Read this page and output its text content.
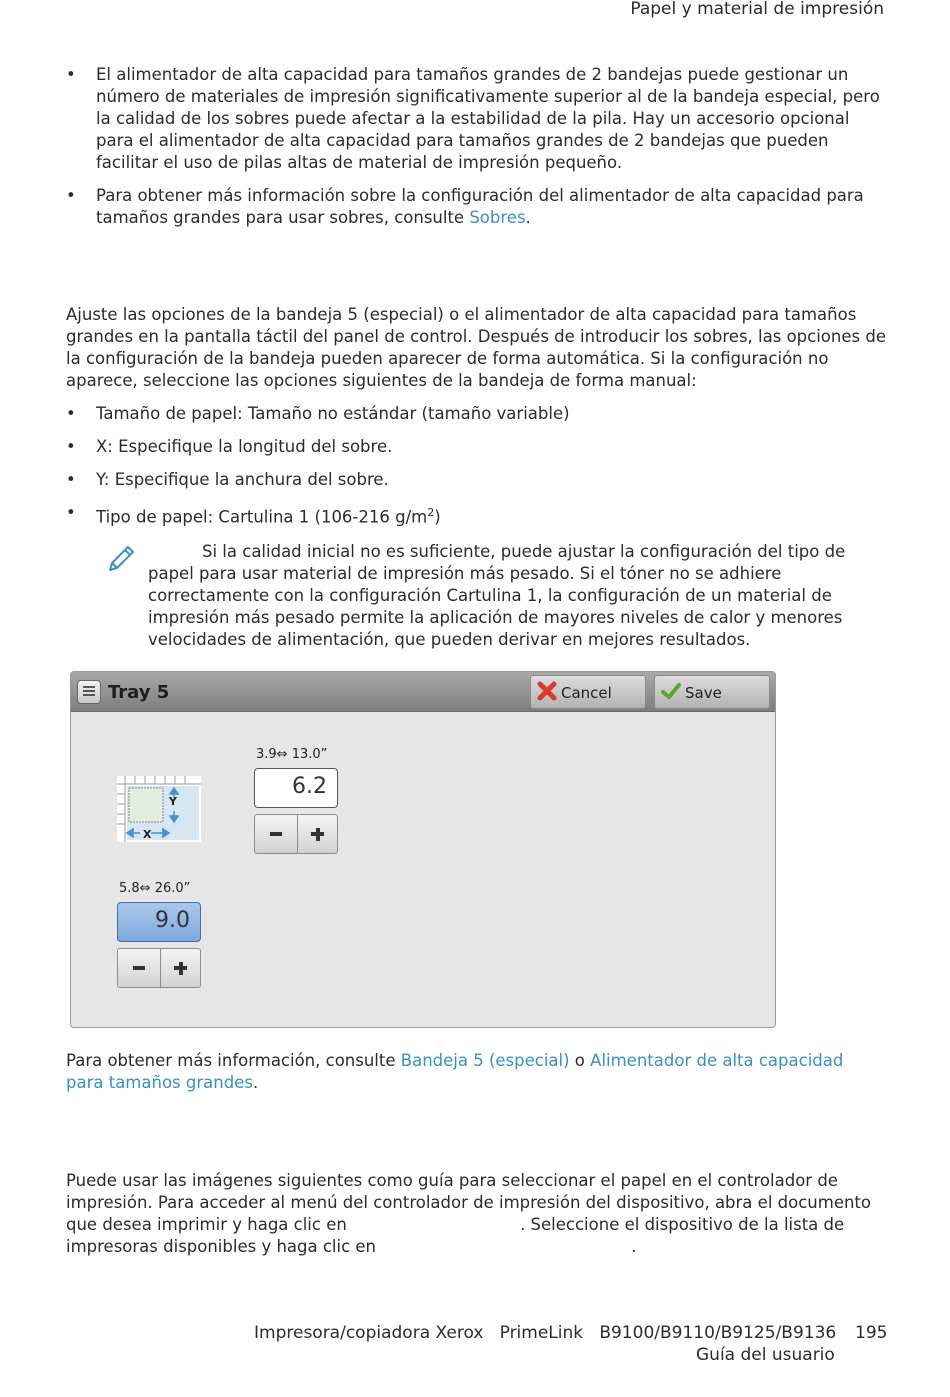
Papel y material de impresión
• El alimentador de alta capacidad para tamaños grandes de 2 bandejas puede gestionar un número de materiales de impresión significativamente superior al de la bandeja especial, pero la calidad de los sobres puede afectar a la estabilidad de la pila. Hay un accesorio opcional para el alimentador de alta capacidad para tamaños grandes de 2 bandejas que pueden facilitar el uso de pilas altas de material de impresión pequeño.
• Para obtener más información sobre la configuración del alimentador de alta capacidad para tamaños grandes para usar sobres, consulte Sobres.

Ajuste las opciones de la bandeja 5 (especial) o el alimentador de alta capacidad para tamaños grandes en la pantalla táctil del panel de control. Después de introducir los sobres, las opciones de la configuración de la bandeja pueden aparecer de forma automática. Si la configuración no aparece, seleccione las opciones siguientes de la bandeja de forma manual:

• Tamaño de papel: Tamaño no estándar (tamaño variable)
• X: Especifique la longitud del sobre.
• Y: Especifique la anchura del sobre.
• Tipo de papel: Cartulina 1 (106-216 $g/m^2$)

Si la calidad inicial no es suficiente, puede ajustar la configuración del tipo de papel para usar material de impresión más pesado. Si el tóner no se adhiere correctamente con la configuración Cartulina 1, la configuración de un material de impresión más pesado permite la aplicación de mayores niveles de calor y menores velocidades de alimentación, que pueden derivar en mejores resultados.

Tray 5	Cancel	Save
Y
X
3.9⇔ 13.0”
6.2
5.8⇔ 26.0”
9.0

Para obtener más información, consulte Bandeja 5 (especial) o Alimentador de alta capacidad para tamaños grandes.

Puede usar las imágenes siguientes como guía para seleccionar el papel en el controlador de impresión. Para acceder al menú del controlador de impresión del dispositivo, abra el documento que desea imprimir y haga clic en	. Seleccione el dispositivo de la lista de impresoras disponibles y haga clic en	.

Impresora/copiadora Xerox   PrimeLink   B9100/B9110/B9125/B9136
Guía del usuario
195
